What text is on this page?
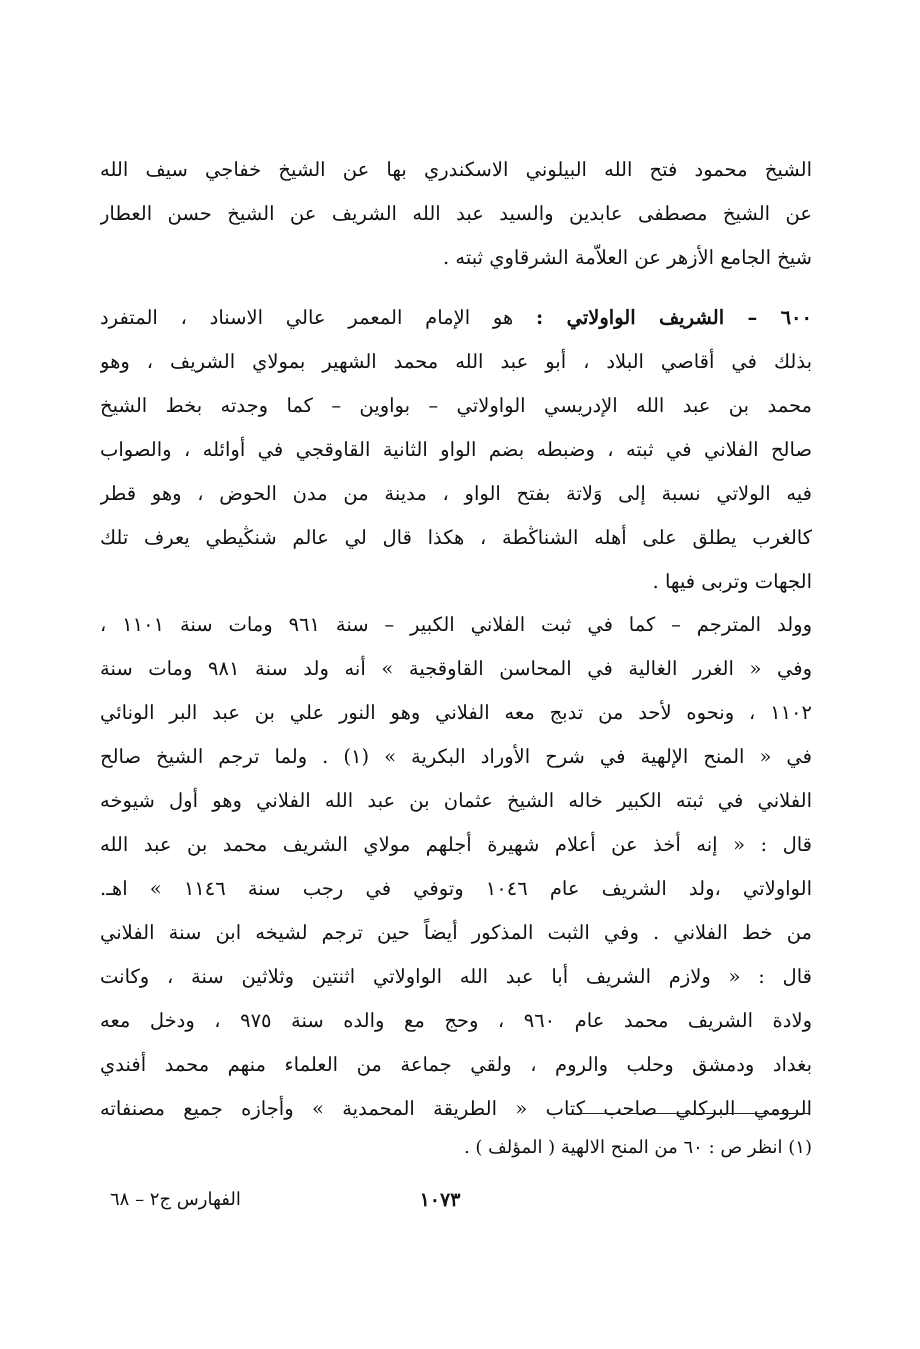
الشيخ محمود فتح الله البيلوني الاسكندري بها عن الشيخ خفاجي سيف الله
عن الشيخ مصطفى عابدين والسيد عبد الله الشريف عن الشيخ حسن العطار
شيخ الجامع الأزهر عن العلاّمة الشرقاوي ثبته .
٦٠٠ – الشريف الواولاتي : هو الإمام المعمر عالي الاسناد ، المتفرد
بذلك في أقاصي البلاد ، أبو عبد الله محمد الشهير بمولاي الشريف ، وهو
محمد بن عبد الله الإدريسي الواولاتي – بواوين – كما وجدته بخط الشيخ
صالح الفلاني في ثبته ، وضبطه بضم الواو الثانية القاوقجي في أوائله ، والصواب
فيه الولاتي نسبة إلى وَلاتة بفتح الواو ، مدينة من مدن الحوض ، وهو قطر
كالغرب يطلق على أهله الشناڭطة ، هكذا قال لي عالم شنڭيطي يعرف تلك
الجهات وتربى فيها .
وولد المترجم – كما في ثبت الفلاني الكبير – سنة ٩٦١ ومات سنة ١١٠١ ،
وفي « الغرر الغالية في المحاسن القاوقجية » أنه ولد سنة ٩٨١ ومات سنة
١١٠٢ ، ونحوه لأحد من تدبج معه الفلاني وهو النور علي بن عبد البر الونائي
في « المنح الإلهية في شرح الأوراد البكرية » (١) . ولما ترجم الشيخ صالح
الفلاني في ثبته الكبير خاله الشيخ عثمان بن عبد الله الفلاني وهو أول شيوخه
قال : « إنه أخذ عن أعلام شهيرة أجلهم مولاي الشريف محمد بن عبد الله
الواولاتي ،ولد الشريف عام ١٠٤٦ وتوفي في رجب سنة ١١٤٦ » اهـ.
من خط الفلاني . وفي الثبت المذكور أيضاً حين ترجم لشيخه ابن سنة الفلاني
قال : « ولازم الشريف أبا عبد الله الواولاتي اثنتين وثلاثين سنة ، وكانت
ولادة الشريف محمد عام ٩٦٠ ، وحج مع والده سنة ٩٧٥ ، ودخل معه
بغداد ودمشق وحلب والروم ، ولقي جماعة من العلماء منهم محمد أفندي
الرومي البركلي صاحب كتاب « الطريقة المحمدية » وأجازه جميع مصنفاته
(١) انظر ص : ٦٠ من المنح الالهية ( المؤلف ) .
١٠٧٣
الفهارس ج٢ – ٦٨
